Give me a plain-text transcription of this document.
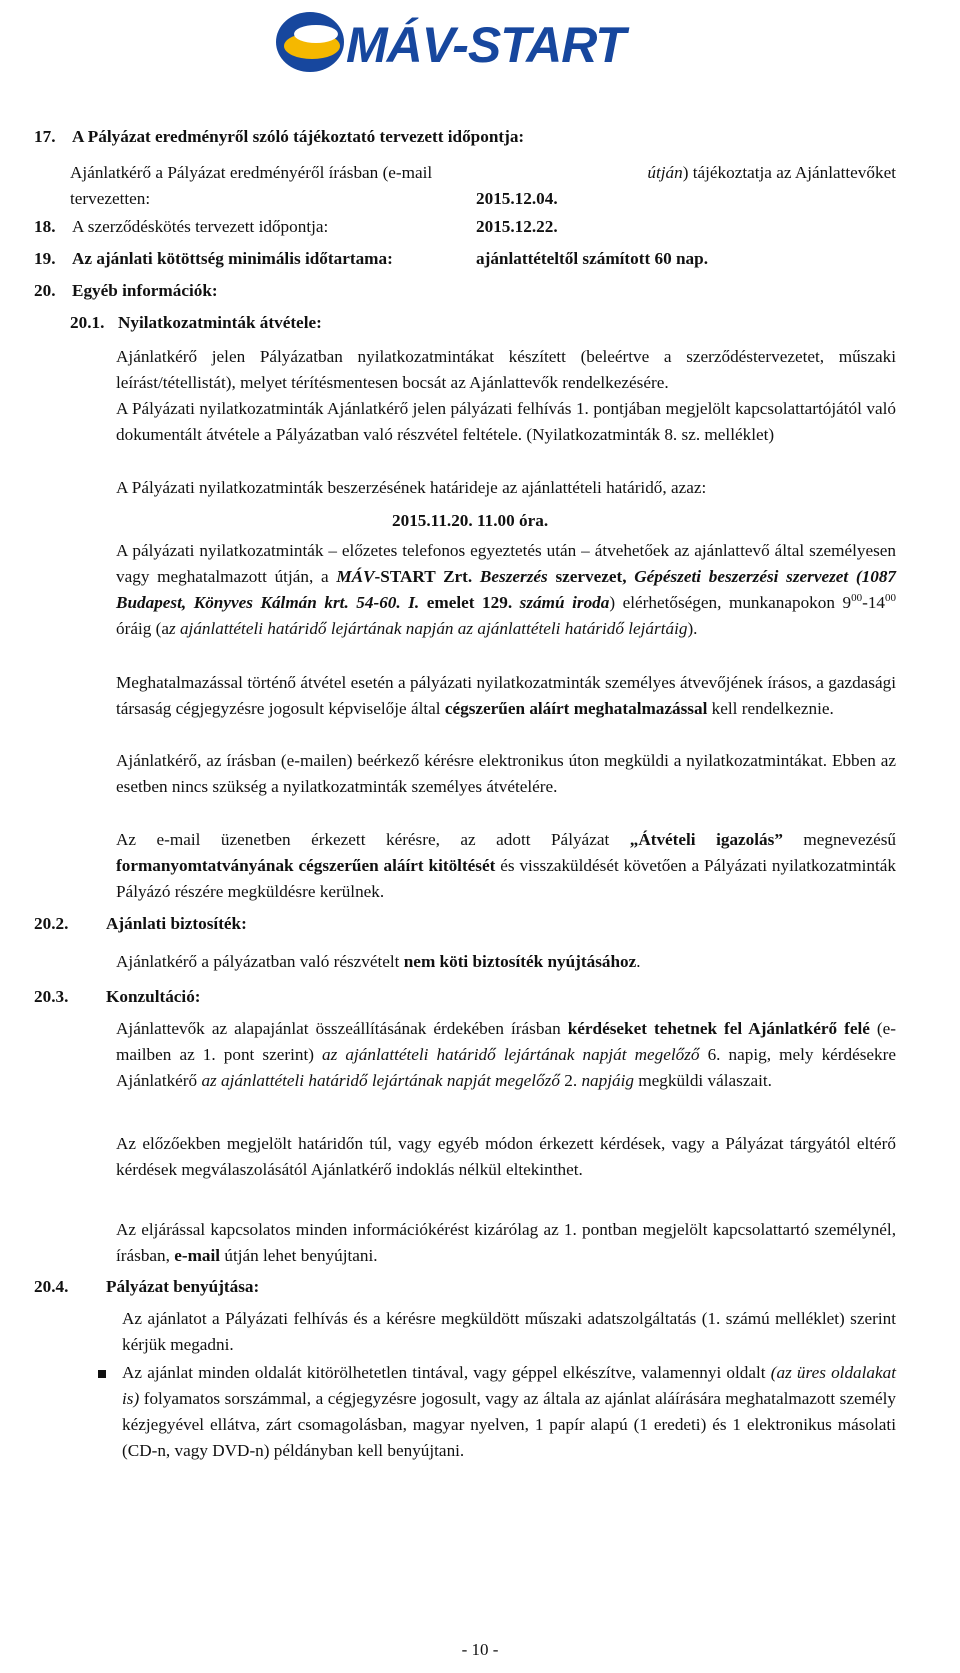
MÁV-START
17. A Pályázat eredményről szóló tájékoztató tervezett időpontja:
Ajánlatkérő a Pályázat eredményéről írásban (e-mail	útján) tájékoztatja az Ajánlattevőket
tervezetten:	2015.12.04.
18. A szerződéskötés tervezett időpontja:	2015.12.22.
19. Az ajánlati kötöttség minimális időtartama:	ajánlattételtől számított 60 nap.
20. Egyéb információk:
20.1. Nyilatkozatminták átvétele:
Ajánlatkérő jelen Pályázatban nyilatkozatmintákat készített (beleértve a szerződéstervezetet, műszaki leírást/tétellistát), melyet térítésmentesen bocsát az Ajánlattevők rendelkezésére.
A Pályázati nyilatkozatminták Ajánlatkérő jelen pályázati felhívás 1. pontjában megjelölt kapcsolattartójától való dokumentált átvétele a Pályázatban való részvétel feltétele. (Nyilatkozatminták 8. sz. melléklet)
A Pályázati nyilatkozatminták beszerzésének határideje az ajánlattételi határidő, azaz:
2015.11.20. 11.00 óra.
A pályázati nyilatkozatminták – előzetes telefonos egyeztetés után – átvehetőek az ajánlattevő által személyesen vagy meghatalmazott útján, a MÁV-START Zrt. Beszerzés szervezet, Gépészeti beszerzési szervezet (1087 Budapest, Könyves Kálmán krt. 54-60. I. emelet 129. számú iroda) elérhetőségen, munkanapokon $9^{00}-14^{00}$ óráig (az ajánlattételi határidő lejártának napján az ajánlattételi határidő lejártáig).
Meghatalmazással történő átvétel esetén a pályázati nyilatkozatminták személyes átvevőjének írásos, a gazdasági társaság cégjegyzésre jogosult képviselője által cégszerűen aláírt meghatalmazással kell rendelkeznie.
Ajánlatkérő, az írásban (e-mailen) beérkező kérésre elektronikus úton megküldi a nyilatkozatmintákat. Ebben az esetben nincs szükség a nyilatkozatminták személyes átvételére.
Az e-mail üzenetben érkezett kérésre, az adott Pályázat „Átvételi igazolás” megnevezésű formanyomtatványának cégszerűen aláírt kitöltését és visszaküldését követően a Pályázati nyilatkozatminták Pályázó részére megküldésre kerülnek.
20.2. Ajánlati biztosíték:
Ajánlatkérő a pályázatban való részvételt nem köti biztosíték nyújtásához.
20.3. Konzultáció:
Ajánlattevők az alapajánlat összeállításának érdekében írásban kérdéseket tehetnek fel Ajánlatkérő felé (e-mailben az 1. pont szerint) az ajánlattételi határidő lejártának napját megelőző 6. napig, mely kérdésekre Ajánlatkérő az ajánlattételi határidő lejártának napját megelőző 2. napjáig megküldi válaszait.
Az előzőekben megjelölt határidőn túl, vagy egyéb módon érkezett kérdések, vagy a Pályázat tárgyától eltérő kérdések megválaszolásától Ajánlatkérő indoklás nélkül eltekinthet.
Az eljárással kapcsolatos minden információkérést kizárólag az 1. pontban megjelölt kapcsolattartó személynél, írásban, e-mail útján lehet benyújtani.
20.4. Pályázat benyújtása:
Az ajánlatot a Pályázati felhívás és a kérésre megküldött műszaki adatszolgáltatás (1. számú melléklet) szerint kérjük megadni.
Az ajánlat minden oldalát kitörölhetetlen tintával, vagy géppel elkészítve, valamennyi oldalt (az üres oldalakat is) folyamatos sorszámmal, a cégjegyzésre jogosult, vagy az általa az ajánlat aláírására meghatalmazott személy kézjegyével ellátva, zárt csomagolásban, magyar nyelven, 1 papír alapú (1 eredeti) és 1 elektronikus másolati (CD-n, vagy DVD-n) példányban kell benyújtani.
- 10 -
